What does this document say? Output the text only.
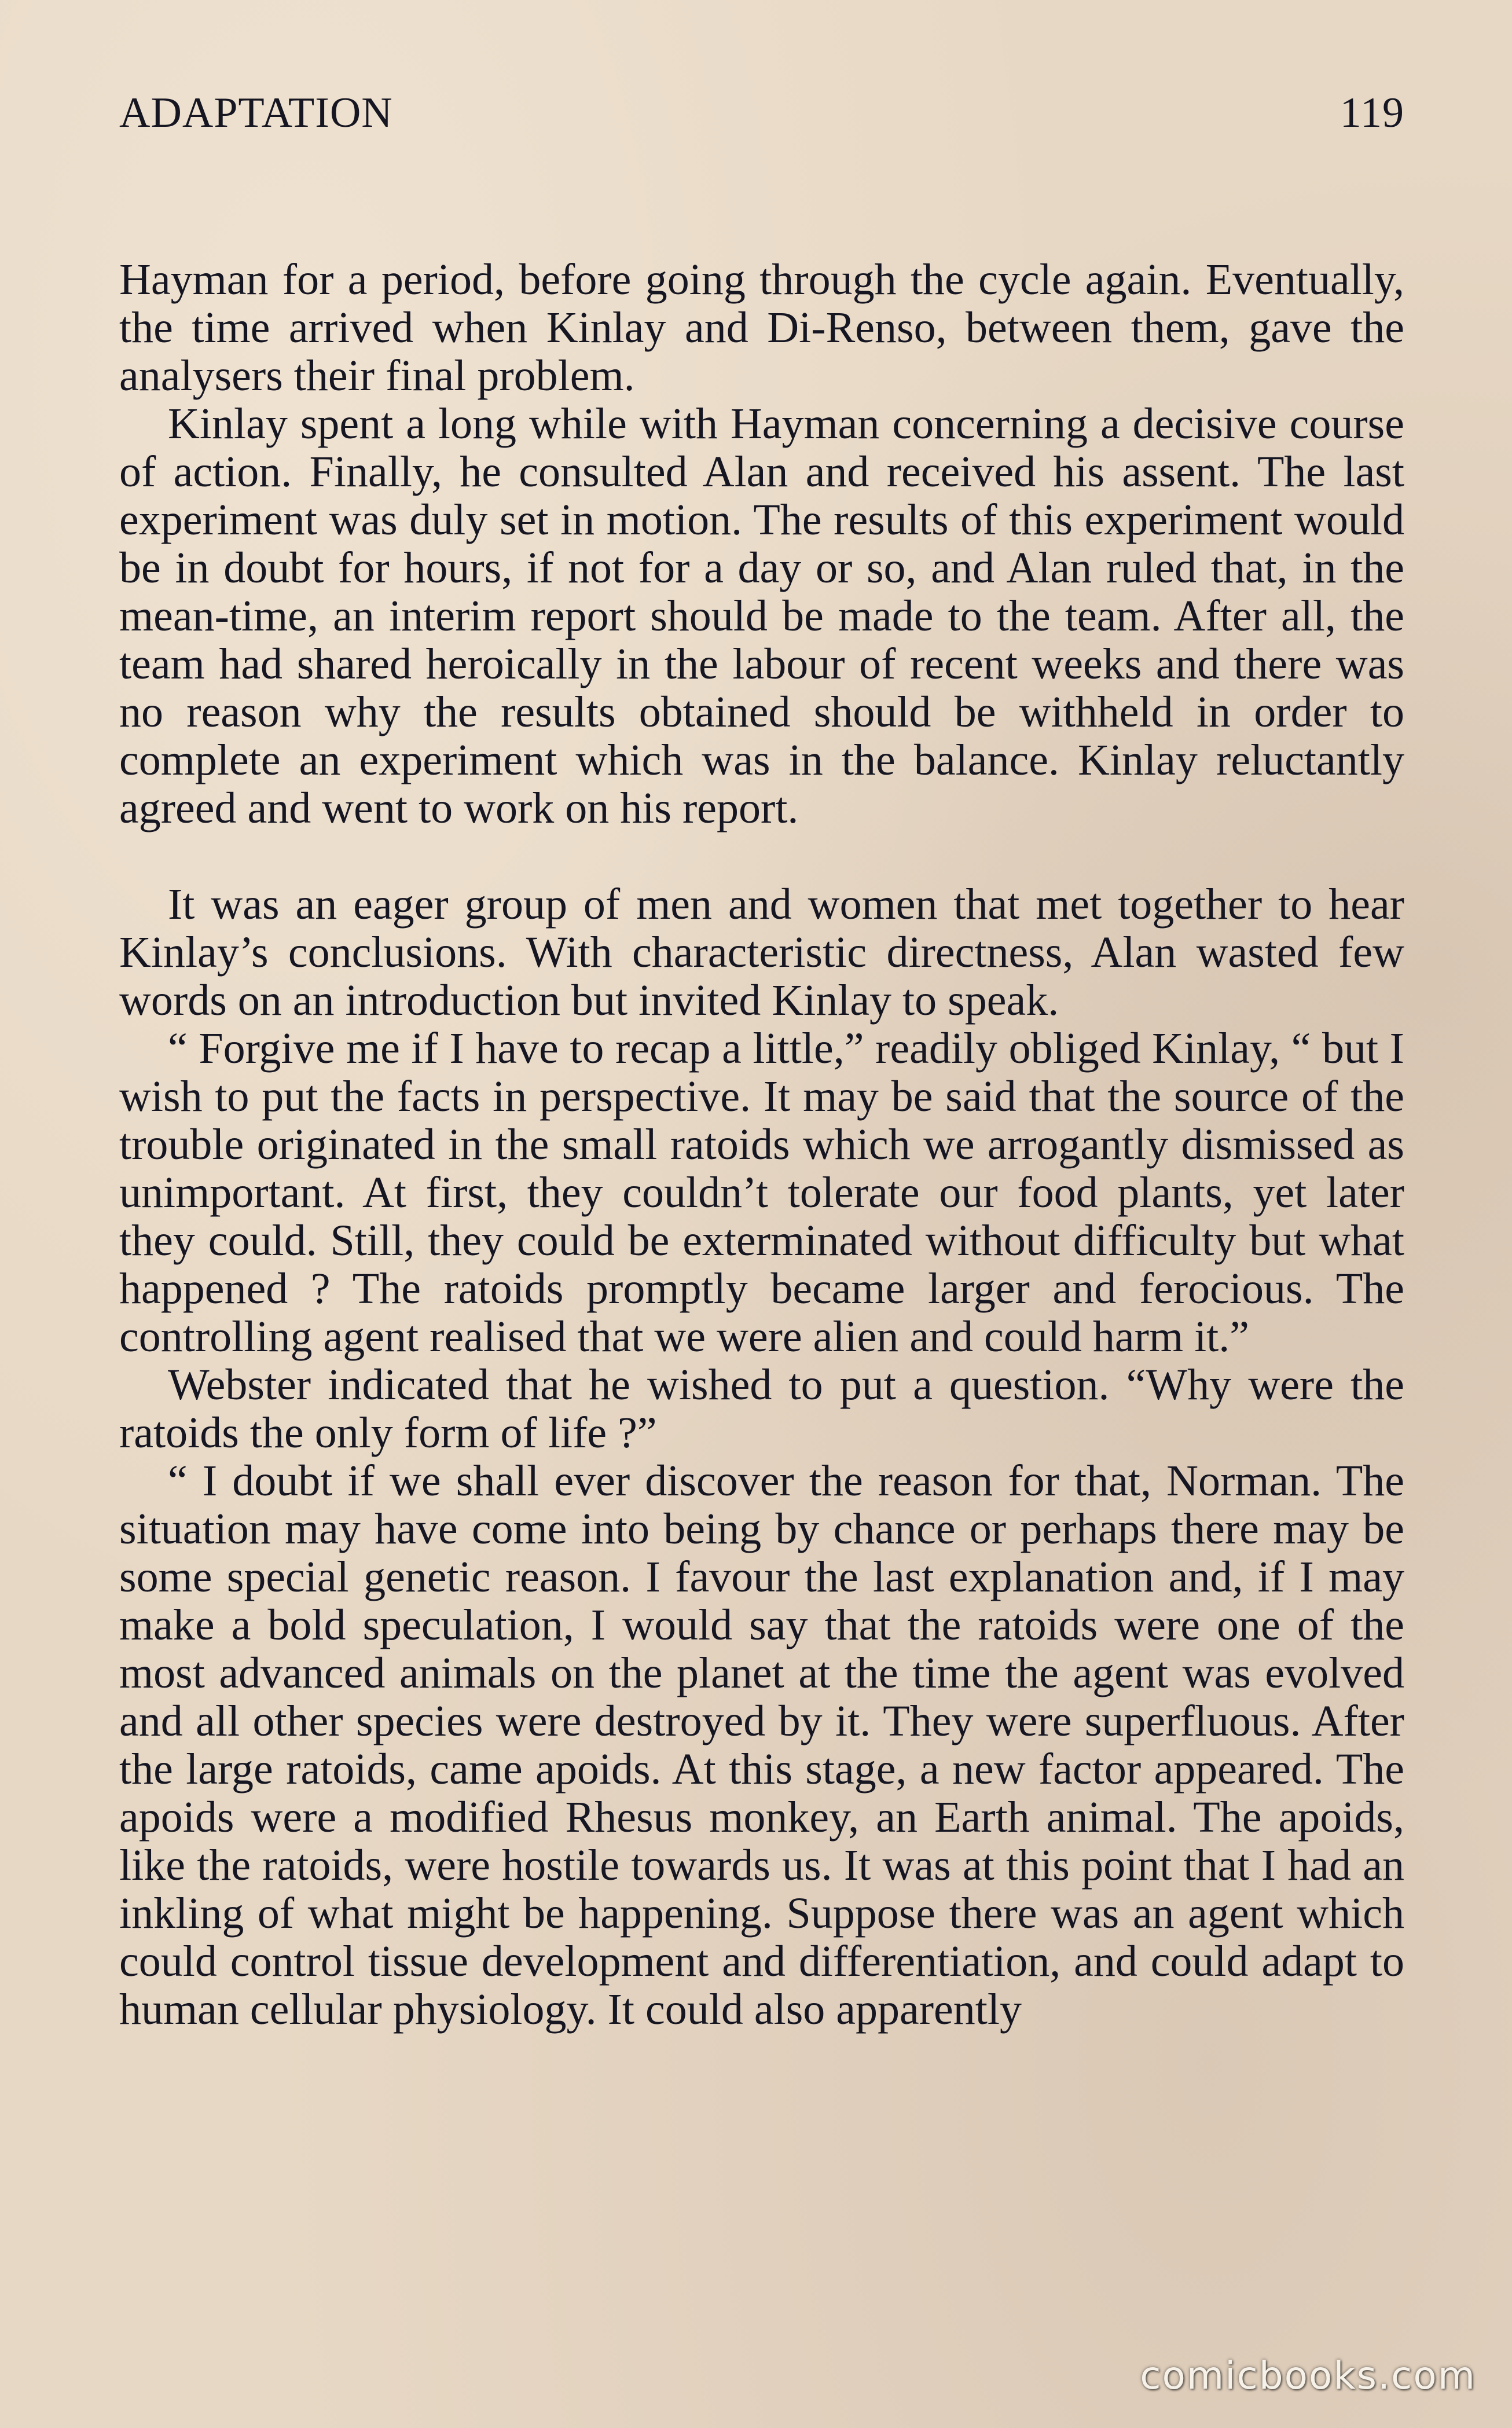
ADAPTATION	119

Hayman for a period, before going through the cycle again. Eventually, the time arrived when Kinlay and Di-Renso, between them, gave the analysers their final problem.

Kinlay spent a long while with Hayman concerning a decisive course of action. Finally, he consulted Alan and received his assent. The last experiment was duly set in motion. The results of this experiment would be in doubt for hours, if not for a day or so, and Alan ruled that, in the mean-time, an interim report should be made to the team. After all, the team had shared heroically in the labour of recent weeks and there was no reason why the results obtained should be withheld in order to complete an experiment which was in the balance. Kinlay reluctantly agreed and went to work on his report.

It was an eager group of men and women that met together to hear Kinlay’s conclusions. With characteristic directness, Alan wasted few words on an introduction but invited Kinlay to speak.

“ Forgive me if I have to recap a little,” readily obliged Kinlay, “ but I wish to put the facts in perspective. It may be said that the source of the trouble originated in the small ratoids which we arrogantly dismissed as unimportant. At first, they couldn’t tolerate our food plants, yet later they could. Still, they could be exterminated without difficulty but what happened ? The ratoids promptly became larger and ferocious. The controlling agent realised that we were alien and could harm it.”

Webster indicated that he wished to put a question. “Why were the ratoids the only form of life ?”

“ I doubt if we shall ever discover the reason for that, Norman. The situation may have come into being by chance or perhaps there may be some special genetic reason. I favour the last explanation and, if I may make a bold speculation, I would say that the ratoids were one of the most advanced animals on the planet at the time the agent was evolved and all other species were destroyed by it. They were superfluous. After the large ratoids, came apoids. At this stage, a new factor appeared. The apoids were a modified Rhesus monkey, an Earth animal. The apoids, like the ratoids, were hostile towards us. It was at this point that I had an inkling of what might be happening. Suppose there was an agent which could control tissue development and differentiation, and could adapt to human cellular physiology. It could also apparently

comicbooks.com
